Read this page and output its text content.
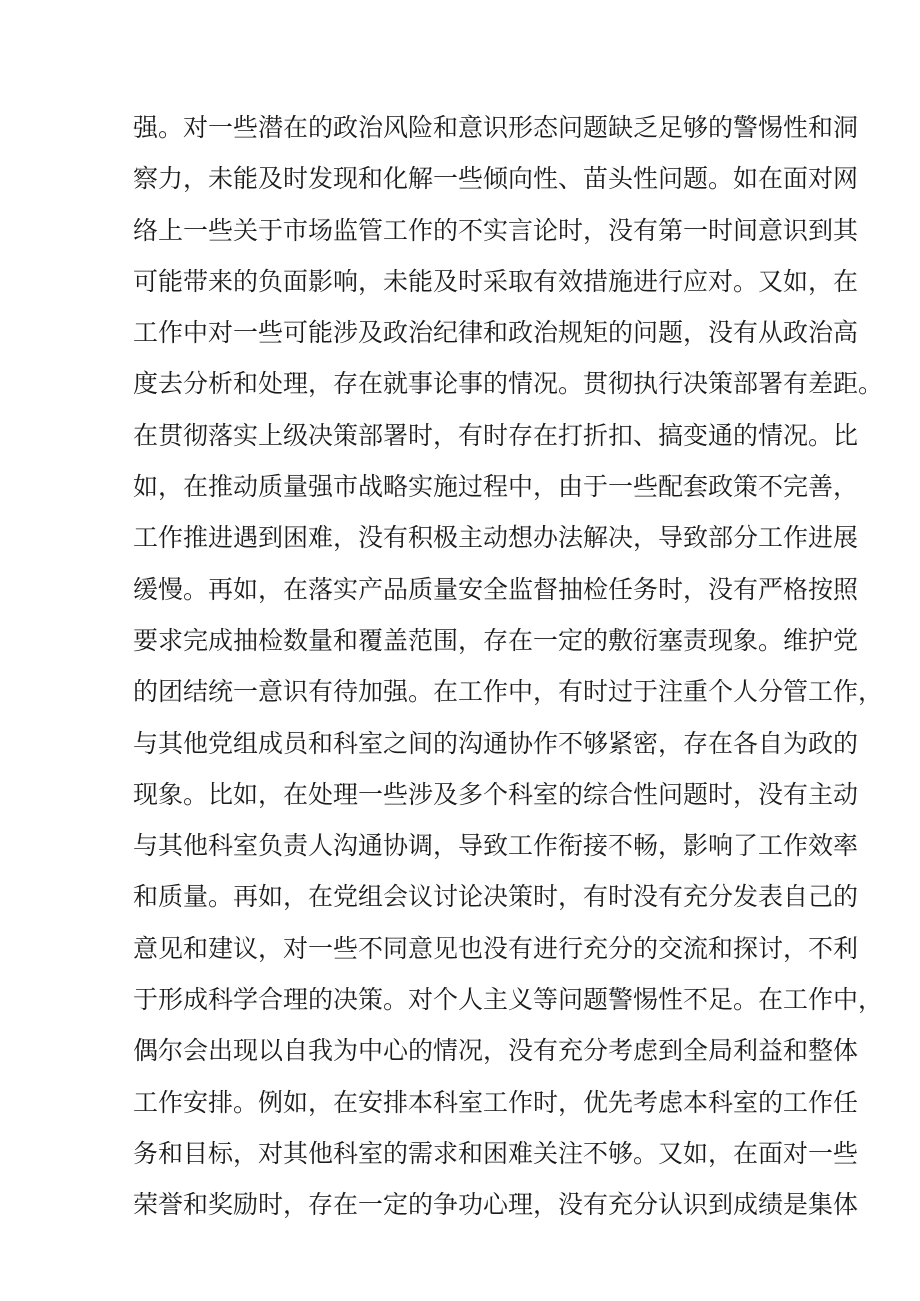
强。对一些潜在的政治风险和意识形态问题缺乏足够的警惕性和洞
察力，未能及时发现和化解一些倾向性、苗头性问题。如在面对网
络上一些关于市场监管工作的不实言论时，没有第一时间意识到其
可能带来的负面影响，未能及时采取有效措施进行应对。又如，在
工作中对一些可能涉及政治纪律和政治规矩的问题，没有从政治高
度去分析和处理，存在就事论事的情况。贯彻执行决策部署有差距。
在贯彻落实上级决策部署时，有时存在打折扣、搞变通的情况。比
如，在推动质量强市战略实施过程中，由于一些配套政策不完善，
工作推进遇到困难，没有积极主动想办法解决，导致部分工作进展
缓慢。再如，在落实产品质量安全监督抽检任务时，没有严格按照
要求完成抽检数量和覆盖范围，存在一定的敷衍塞责现象。维护党
的团结统一意识有待加强。在工作中，有时过于注重个人分管工作，
与其他党组成员和科室之间的沟通协作不够紧密，存在各自为政的
现象。比如，在处理一些涉及多个科室的综合性问题时，没有主动
与其他科室负责人沟通协调，导致工作衔接不畅，影响了工作效率
和质量。再如，在党组会议讨论决策时，有时没有充分发表自己的
意见和建议，对一些不同意见也没有进行充分的交流和探讨，不利
于形成科学合理的决策。对个人主义等问题警惕性不足。在工作中，
偶尔会出现以自我为中心的情况，没有充分考虑到全局利益和整体
工作安排。例如，在安排本科室工作时，优先考虑本科室的工作任
务和目标，对其他科室的需求和困难关注不够。又如，在面对一些
荣誉和奖励时，存在一定的争功心理，没有充分认识到成绩是集体
